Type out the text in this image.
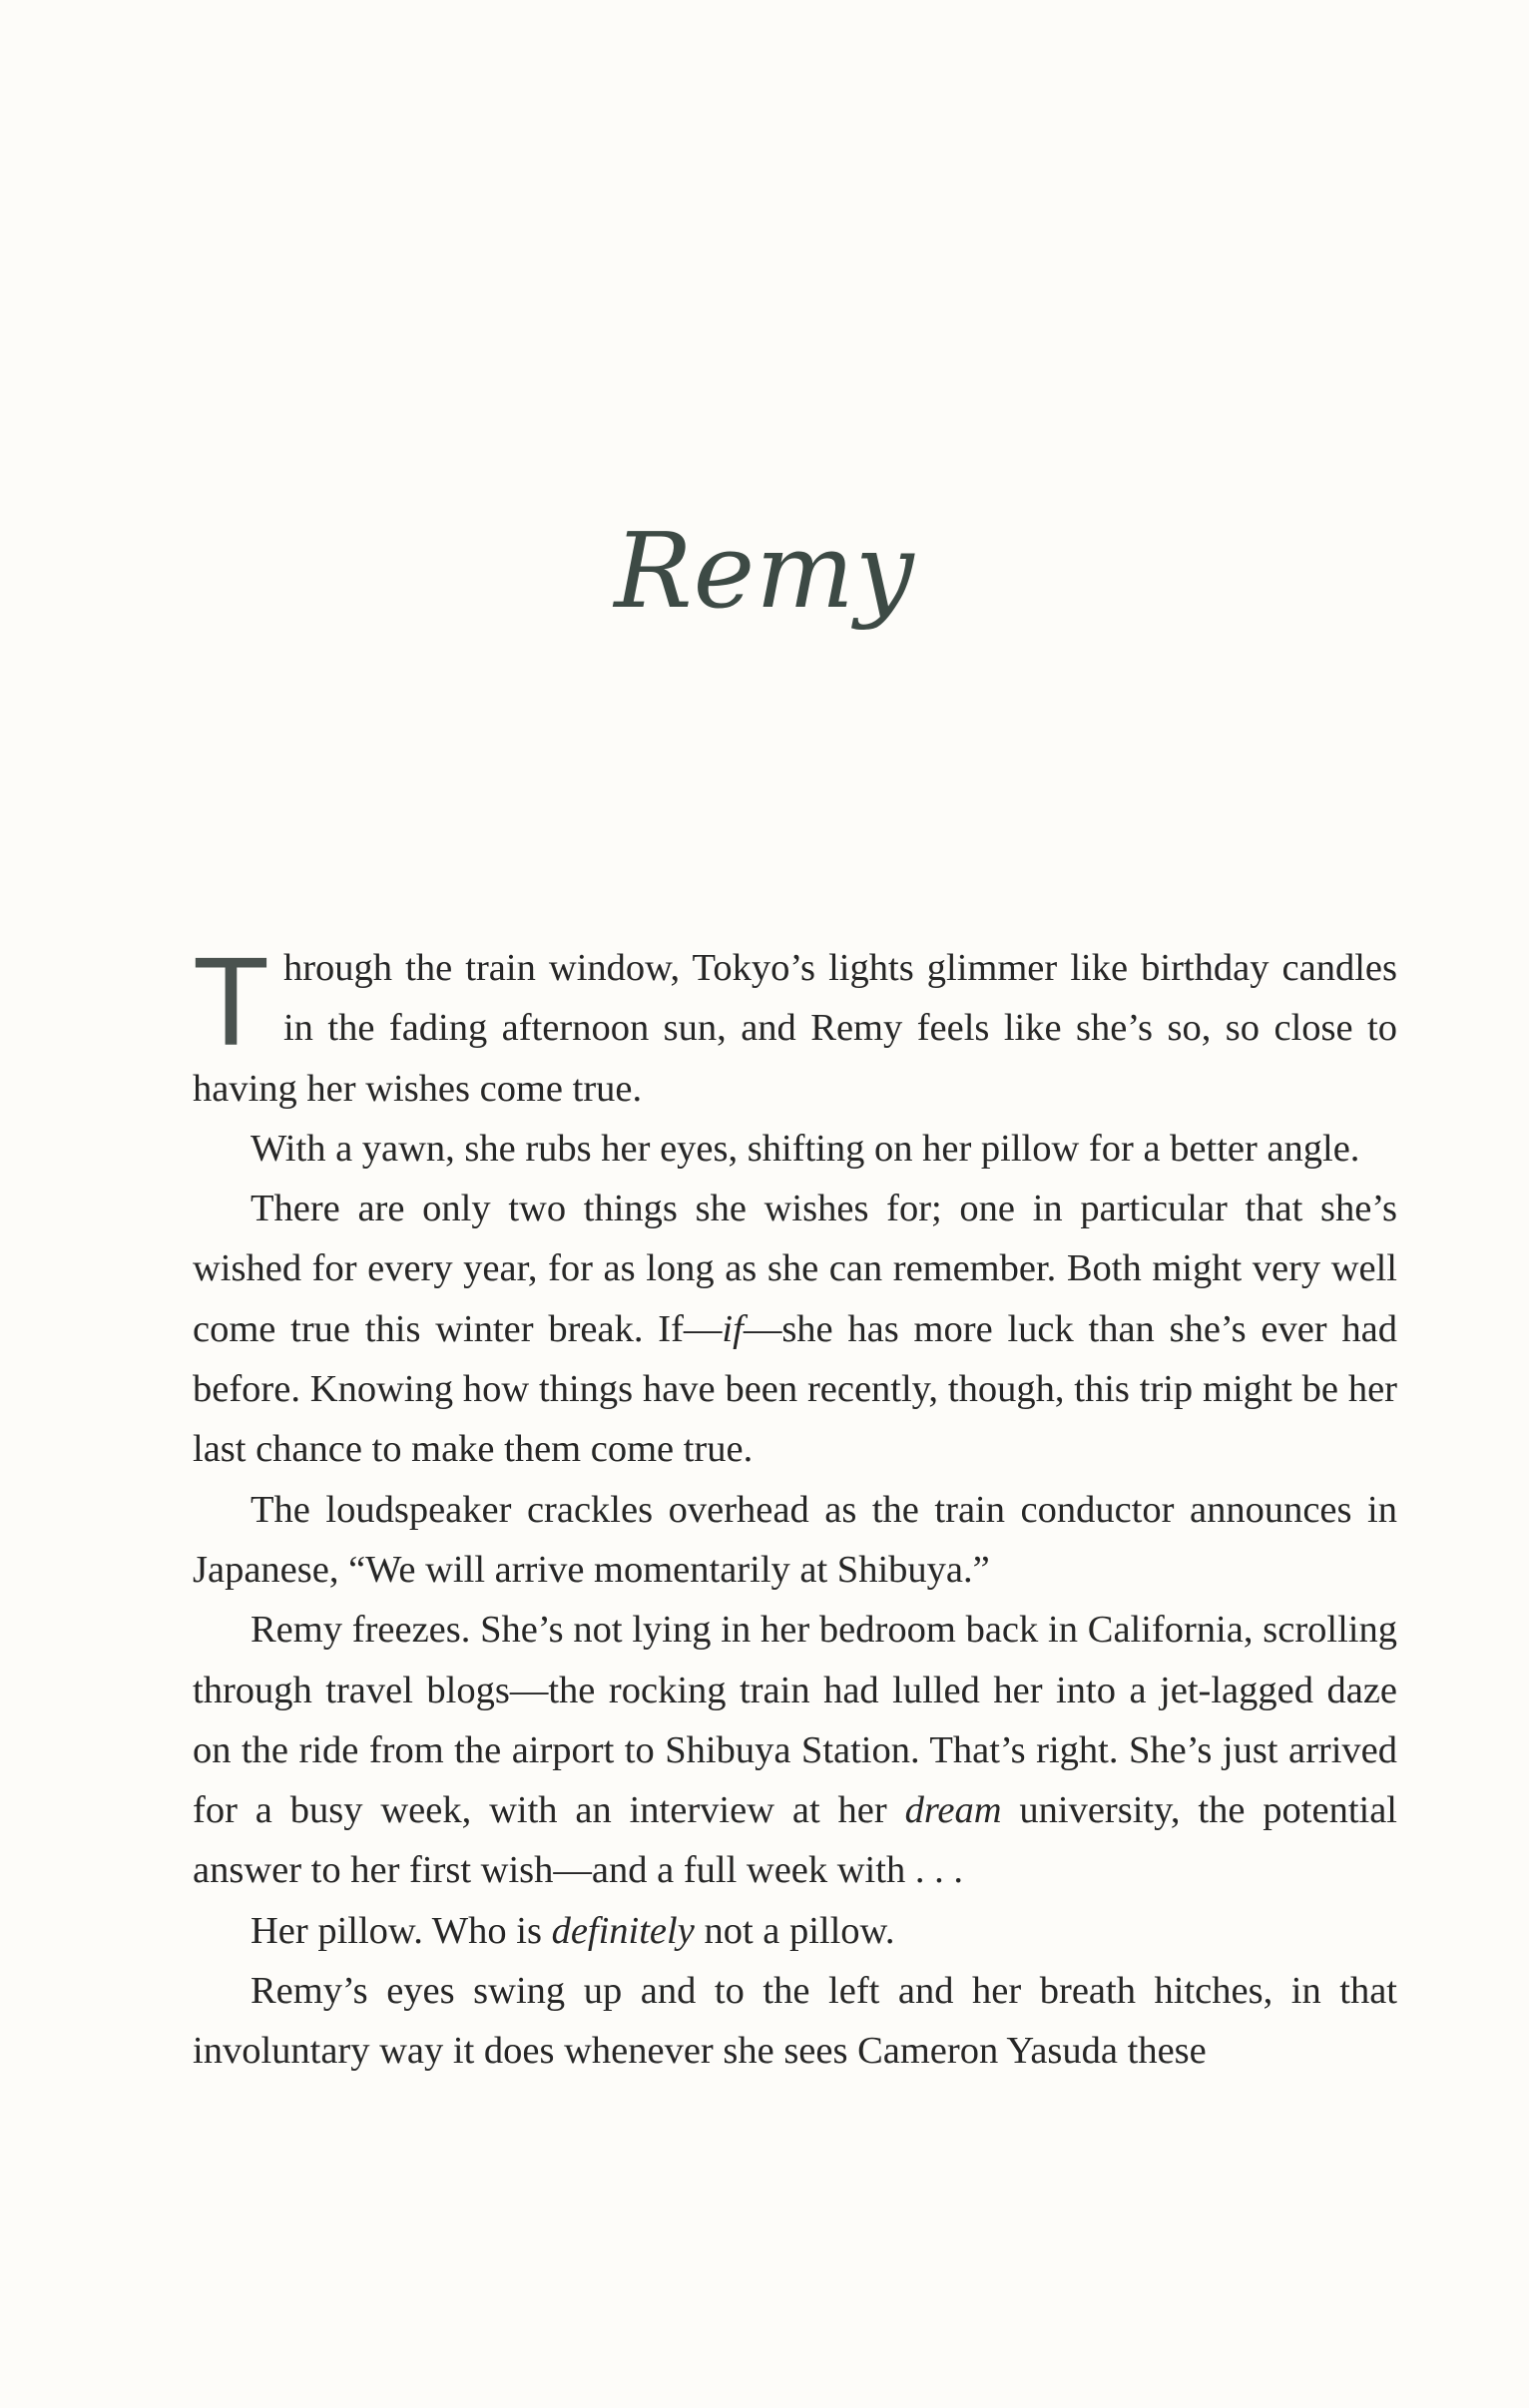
Remy

Through the train window, Tokyo’s lights glimmer like birthday candles in the fading afternoon sun, and Remy feels like she’s so, so close to having her wishes come true.

With a yawn, she rubs her eyes, shifting on her pillow for a better angle.

There are only two things she wishes for; one in particular that she’s wished for every year, for as long as she can remember. Both might very well come true this winter break. If—if—she has more luck than she’s ever had before. Knowing how things have been recently, though, this trip might be her last chance to make them come true.

The loudspeaker crackles overhead as the train conductor announces in Japanese, “We will arrive momentarily at Shibuya.”

Remy freezes. She’s not lying in her bedroom back in California, scrolling through travel blogs—the rocking train had lulled her into a jet-lagged daze on the ride from the airport to Shibuya Station. That’s right. She’s just arrived for a busy week, with an interview at her dream university, the potential answer to her first wish—and a full week with . . .

Her pillow. Who is definitely not a pillow.

Remy’s eyes swing up and to the left and her breath hitches, in that involuntary way it does whenever she sees Cameron Yasuda these
